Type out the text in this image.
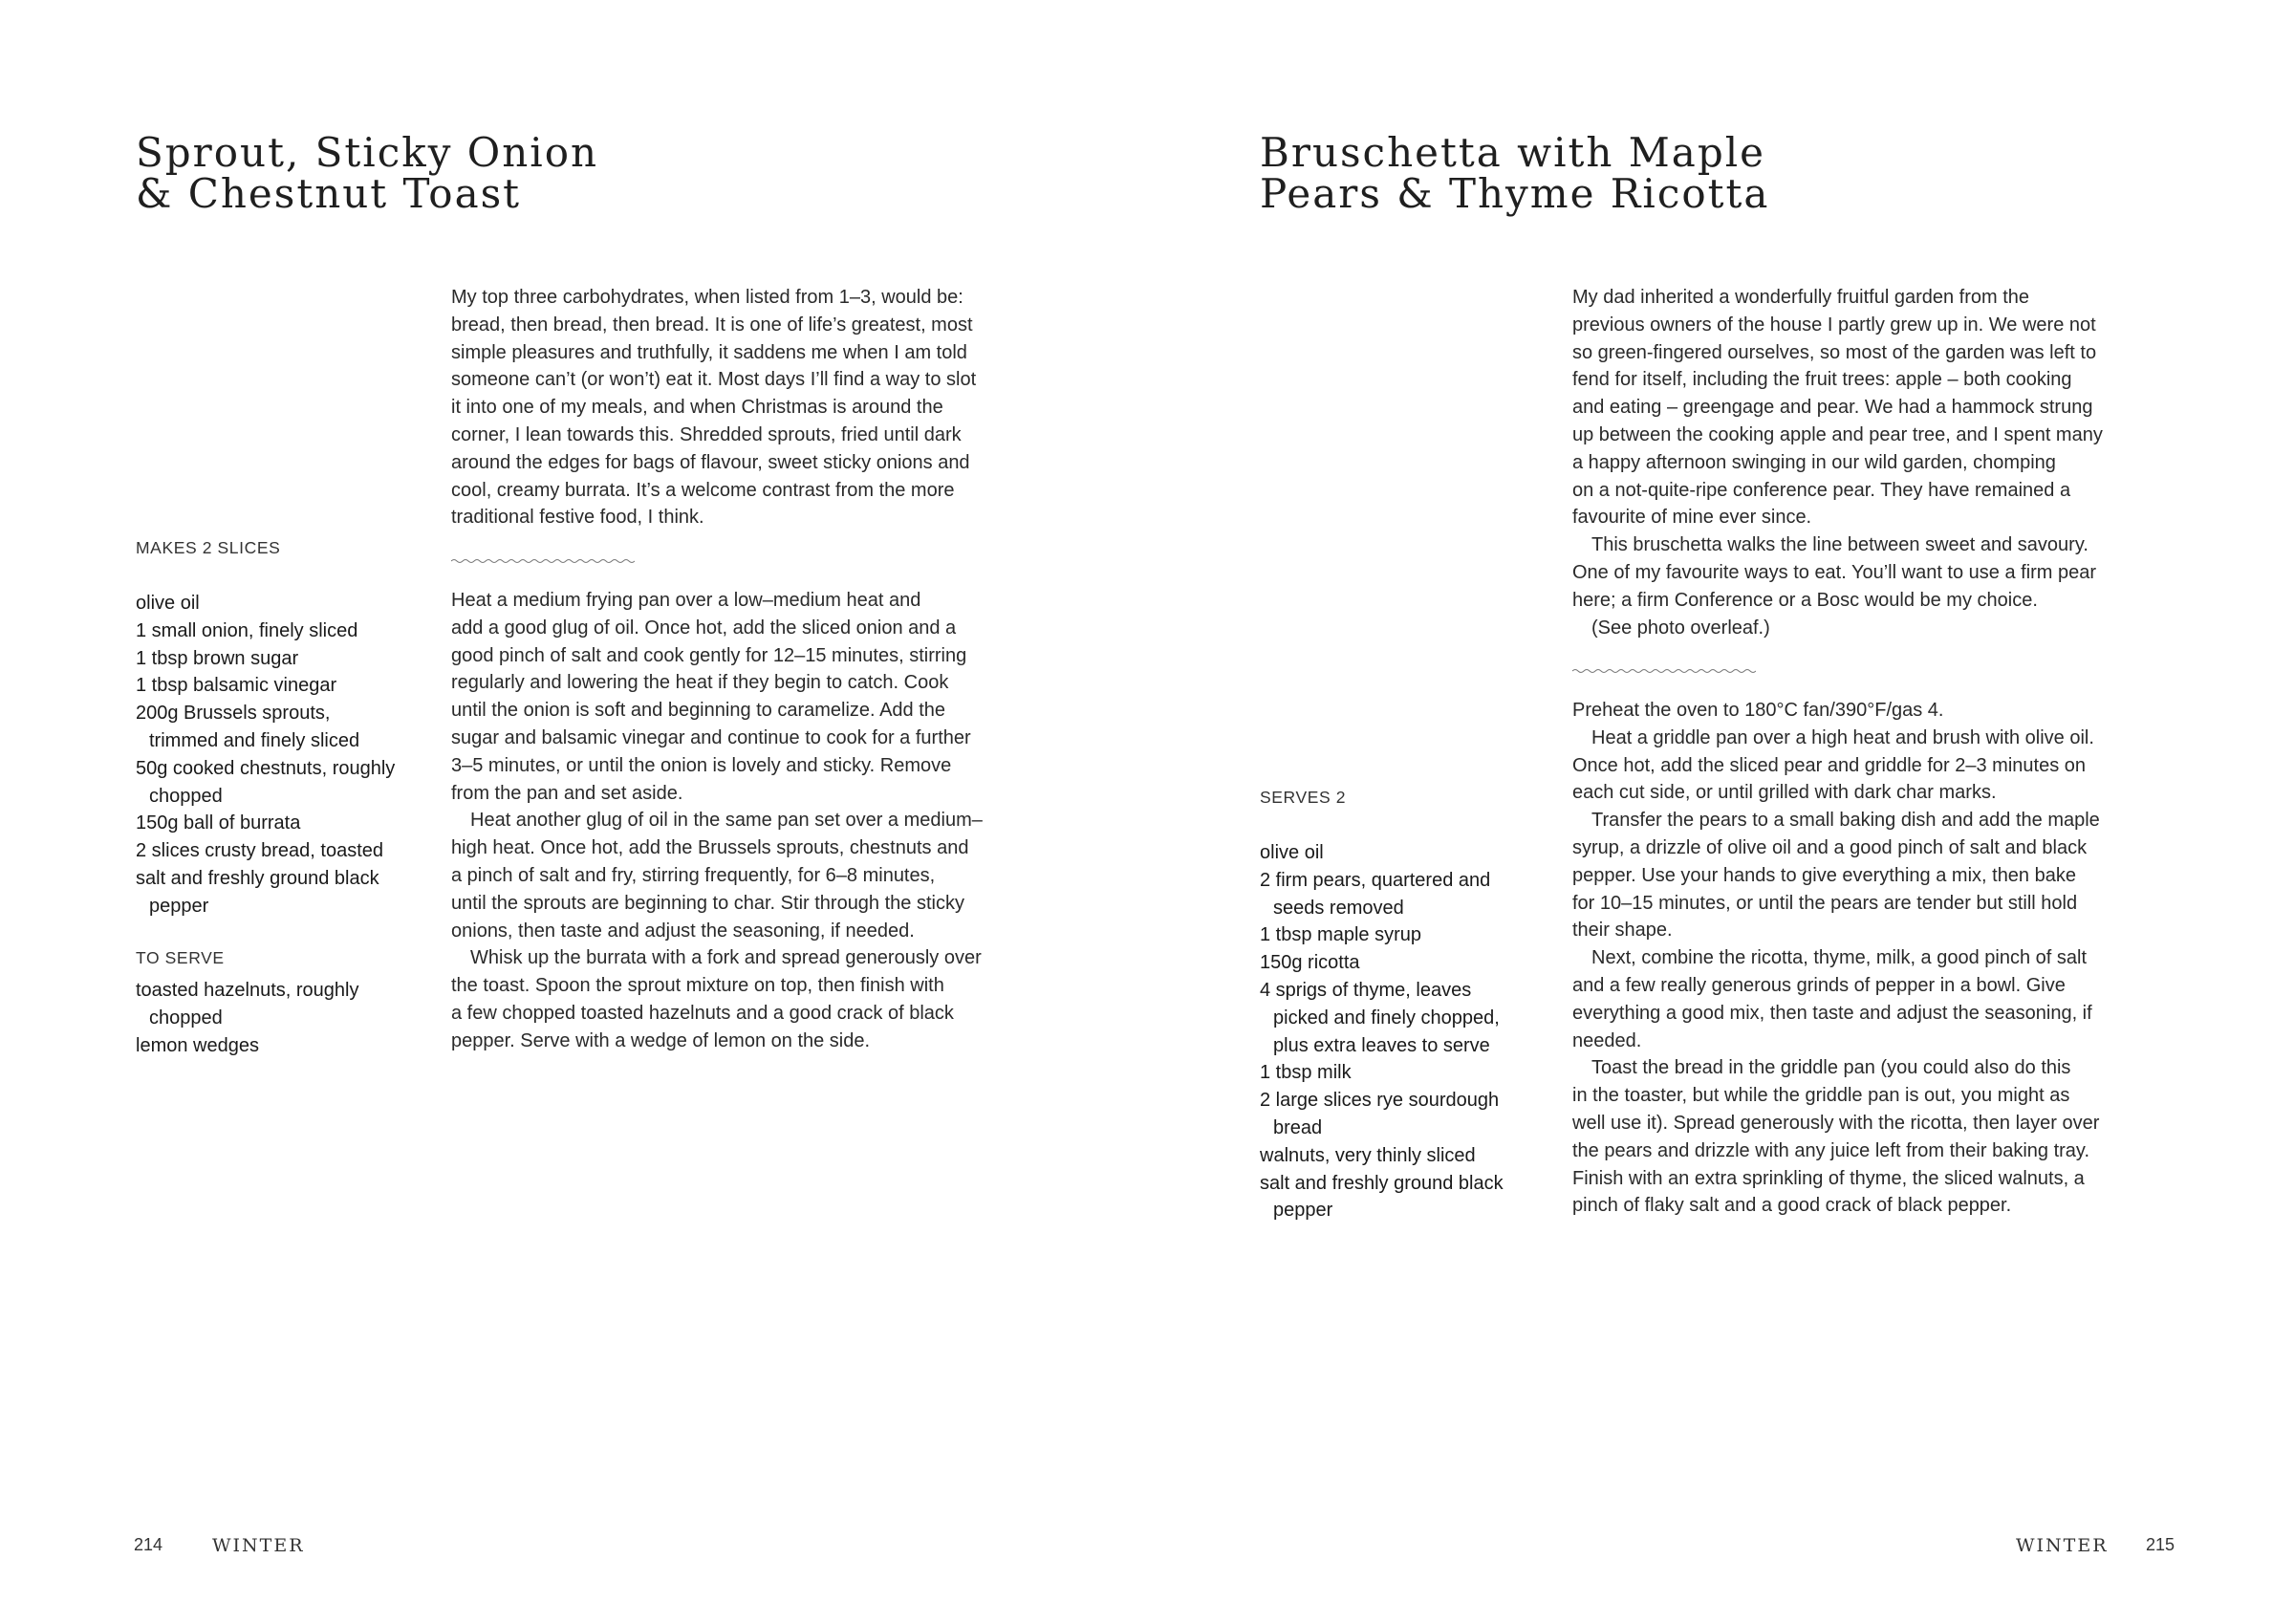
Sprout, Sticky Onion
& Chestnut Toast

My top three carbohydrates, when listed from 1–3, would be:
bread, then bread, then bread. It is one of life’s greatest, most
simple pleasures and truthfully, it saddens me when I am told
someone can’t (or won’t) eat it. Most days I’ll find a way to slot
it into one of my meals, and when Christmas is around the
corner, I lean towards this. Shredded sprouts, fried until dark
around the edges for bags of flavour, sweet sticky onions and
cool, creamy burrata. It’s a welcome contrast from the more
traditional festive food, I think.

MAKES 2 SLICES

olive oil
1 small onion, finely sliced
1 tbsp brown sugar
1 tbsp balsamic vinegar
200g Brussels sprouts,
trimmed and finely sliced
50g cooked chestnuts, roughly
chopped
150g ball of burrata
2 slices crusty bread, toasted
salt and freshly ground black
pepper

TO SERVE

toasted hazelnuts, roughly
chopped
lemon wedges

Heat a medium frying pan over a low–medium heat and
add a good glug of oil. Once hot, add the sliced onion and a
good pinch of salt and cook gently for 12–15 minutes, stirring
regularly and lowering the heat if they begin to catch. Cook
until the onion is soft and beginning to caramelize. Add the
sugar and balsamic vinegar and continue to cook for a further
3–5 minutes, or until the onion is lovely and sticky. Remove
from the pan and set aside.

Heat another glug of oil in the same pan set over a medium–
high heat. Once hot, add the Brussels sprouts, chestnuts and
a pinch of salt and fry, stirring frequently, for 6–8 minutes,
until the sprouts are beginning to char. Stir through the sticky
onions, then taste and adjust the seasoning, if needed.

Whisk up the burrata with a fork and spread generously over
the toast. Spoon the sprout mixture on top, then finish with
a few chopped toasted hazelnuts and a good crack of black
pepper. Serve with a wedge of lemon on the side.

214	WINTER

Bruschetta with Maple
Pears & Thyme Ricotta

My dad inherited a wonderfully fruitful garden from the
previous owners of the house I partly grew up in. We were not
so green-fingered ourselves, so most of the garden was left to
fend for itself, including the fruit trees: apple – both cooking
and eating – greengage and pear. We had a hammock strung
up between the cooking apple and pear tree, and I spent many
a happy afternoon swinging in our wild garden, chomping
on a not-quite-ripe conference pear. They have remained a
favourite of mine ever since.

This bruschetta walks the line between sweet and savoury.
One of my favourite ways to eat. You’ll want to use a firm pear
here; a firm Conference or a Bosc would be my choice.

(See photo overleaf.)

SERVES 2

olive oil
2 firm pears, quartered and
seeds removed
1 tbsp maple syrup
150g ricotta
4 sprigs of thyme, leaves
picked and finely chopped,
plus extra leaves to serve
1 tbsp milk
2 large slices rye sourdough
bread
walnuts, very thinly sliced
salt and freshly ground black
pepper

Preheat the oven to 180°C fan/390°F/gas 4.

Heat a griddle pan over a high heat and brush with olive oil.
Once hot, add the sliced pear and griddle for 2–3 minutes on
each cut side, or until grilled with dark char marks.

Transfer the pears to a small baking dish and add the maple
syrup, a drizzle of olive oil and a good pinch of salt and black
pepper. Use your hands to give everything a mix, then bake
for 10–15 minutes, or until the pears are tender but still hold
their shape.

Next, combine the ricotta, thyme, milk, a good pinch of salt
and a few really generous grinds of pepper in a bowl. Give
everything a good mix, then taste and adjust the seasoning, if
needed.

Toast the bread in the griddle pan (you could also do this
in the toaster, but while the griddle pan is out, you might as
well use it). Spread generously with the ricotta, then layer over
the pears and drizzle with any juice left from their baking tray.
Finish with an extra sprinkling of thyme, the sliced walnuts, a
pinch of flaky salt and a good crack of black pepper.

WINTER 215
